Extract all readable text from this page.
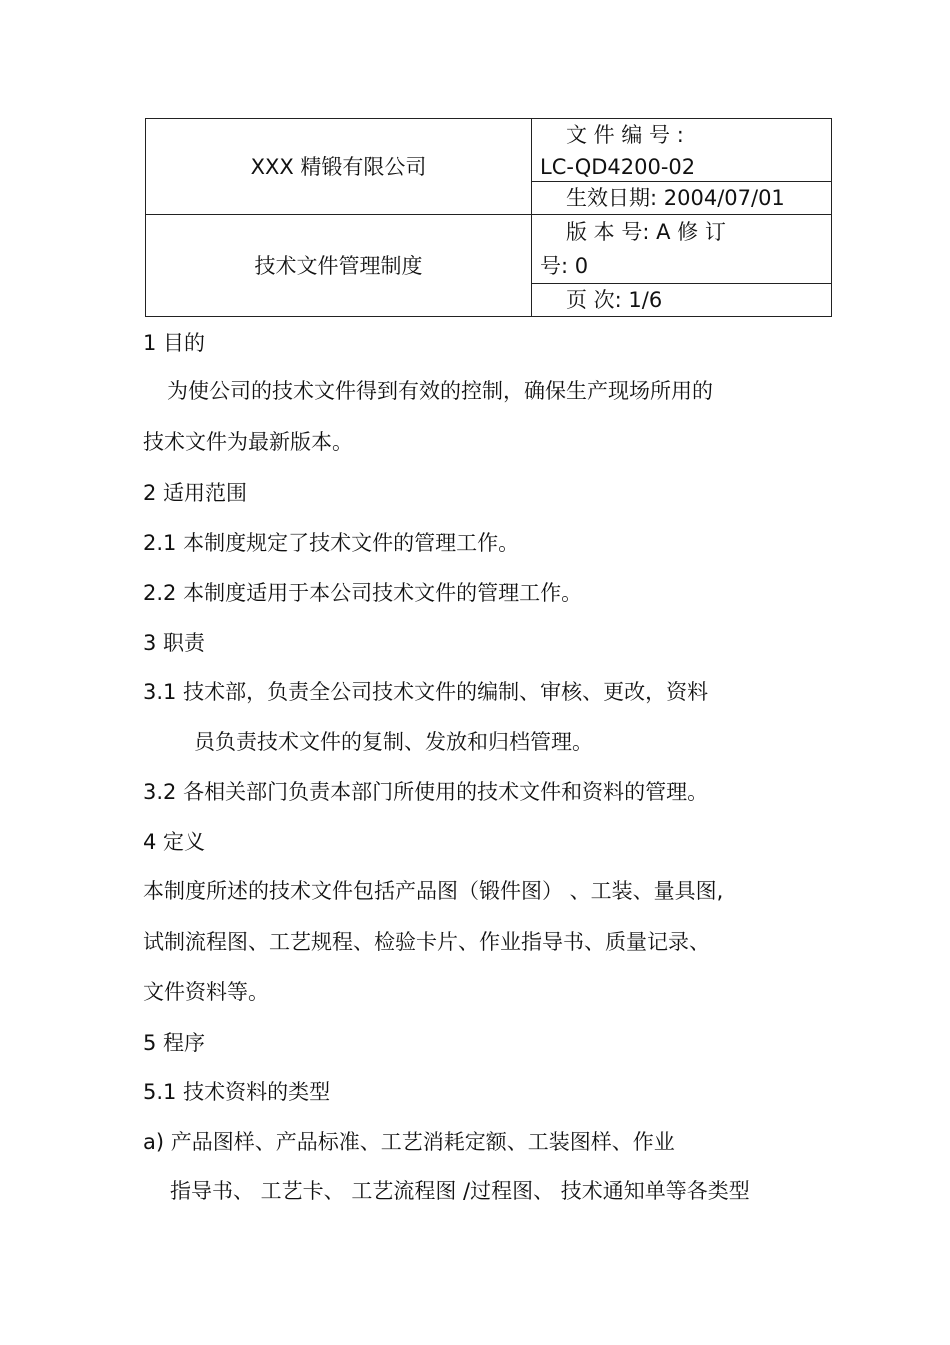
XXX 精锻有限公司
技术文件管理制度
文 件 编 号 :
LC-QD4200-02
生效日期: 2004/07/01
版 本 号: A 修 订
号: 0
页 次: 1/6
1 目的
为使公司的技术文件得到有效的控制，确保生产现场所用的
技术文件为最新版本。
2 适用范围
2.1 本制度规定了技术文件的管理工作。
2.2 本制度适用于本公司技术文件的管理工作。
3 职责
3.1 技术部，负责全公司技术文件的编制、审核、更改，资料
员负责技术文件的复制、发放和归档管理。
3.2 各相关部门负责本部门所使用的技术文件和资料的管理。
4 定义
本制度所述的技术文件包括产品图（锻件图） 、工装、量具图,
试制流程图、工艺规程、检验卡片、作业指导书、质量记录、
文件资料等。
5 程序
5.1 技术资料的类型
a) 产品图样、产品标准、工艺消耗定额、工装图样、作业
指导书、 工艺卡、 工艺流程图 /过程图、 技术通知单等各类型
